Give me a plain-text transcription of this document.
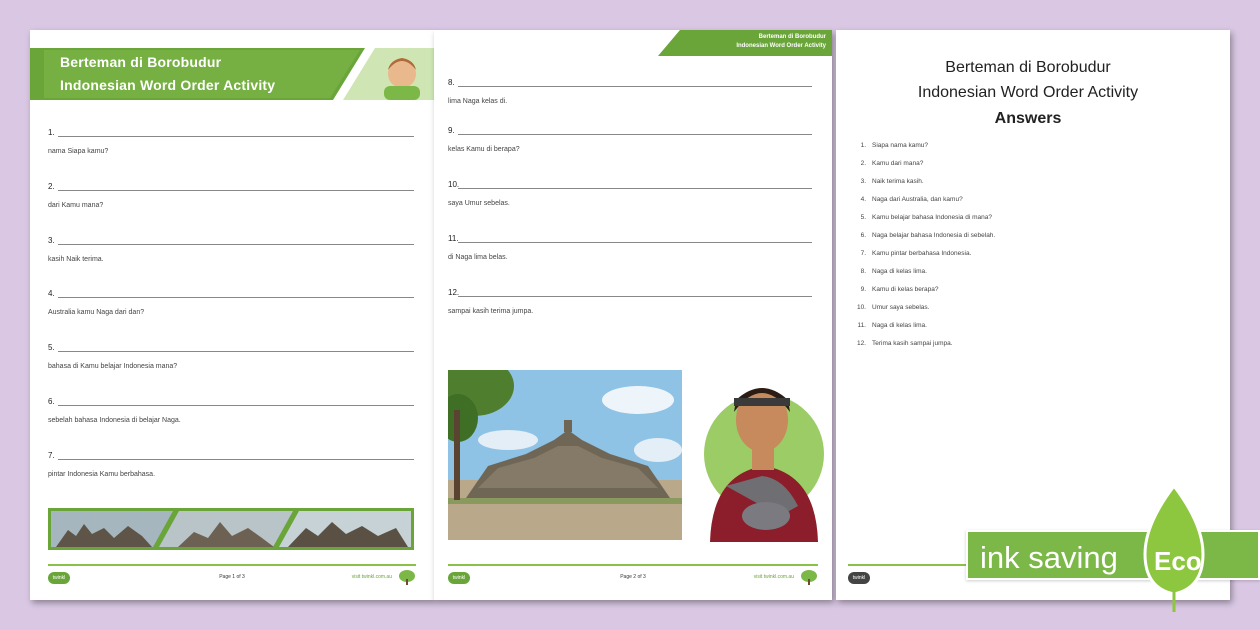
Berteman di Borobudur
Indonesian Word Order Activity
1.
nama Siapa kamu?
2.
dari Kamu mana?
3.
kasih Naik terima.
4.
Australia kamu Naga dari dan?
5.
bahasa di Kamu belajar Indonesia mana?
6.
sebelah bahasa Indonesia di belajar Naga.
7.
pintar Indonesia Kamu berbahasa.
twinkl	Page 1 of 3	visit twinkl.com.au
Berteman di Borobudur
Indonesian Word Order Activity
8.
lima Naga kelas di.
9.
kelas Kamu di berapa?
10.
saya Umur sebelas.
11.
di Naga lima belas.
12.
sampai kasih terima jumpa.
twinkl	Page 2 of 3	visit twinkl.com.au
Berteman di Borobudur
Indonesian Word Order Activity
Answers
1. Siapa nama kamu?
2. Kamu dari mana?
3. Naik terima kasih.
4. Naga dari Australia, dan kamu?
5. Kamu belajar bahasa Indonesia di mana?
6. Naga belajar bahasa Indonesia di sebelah.
7. Kamu pintar berbahasa Indonesia.
8. Naga di kelas lima.
9. Kamu di kelas berapa?
10. Umur saya sebelas.
11. Naga di kelas lima.
12. Terima kasih sampai jumpa.
twinkl
ink saving Eco
